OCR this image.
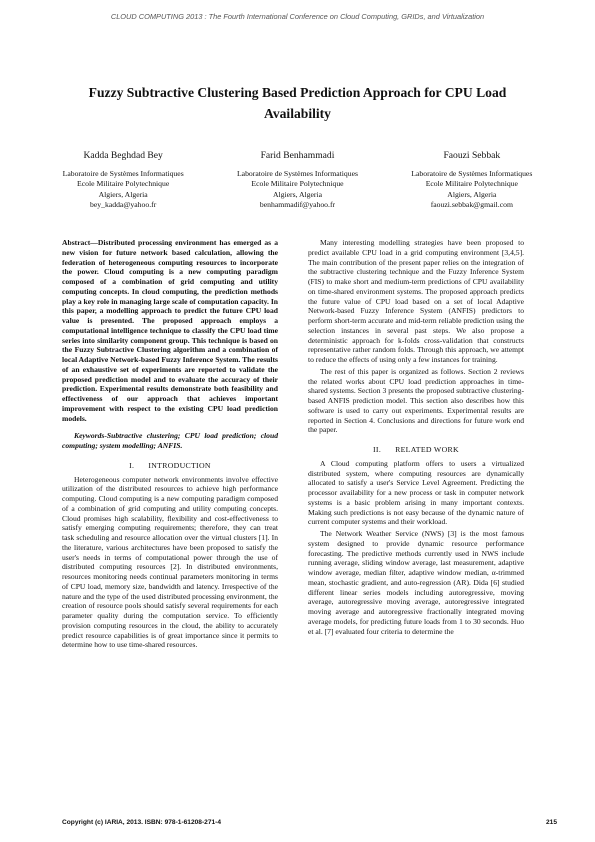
CLOUD COMPUTING 2013 : The Fourth International Conference on Cloud Computing, GRIDs, and Virtualization
Fuzzy Subtractive Clustering Based Prediction Approach for CPU Load Availability
Kadda Beghdad Bey
Laboratoire de Systèmes Informatiques
Ecole Militaire Polytechnique
Algiers, Algeria
bey_kadda@yahoo.fr
Farid Benhammadi
Laboratoire de Systèmes Informatiques
Ecole Militaire Polytechnique
Algiers, Algeria
benhammadif@yahoo.fr
Faouzi Sebbak
Laboratoire de Systèmes Informatiques
Ecole Militaire Polytechnique
Algiers, Algeria
faouzi.sebbak@gmail.com

Abstract—Distributed processing environment has emerged as a new vision for future network based calculation, allowing the federation of heterogeneous computing resources to incorporate the power. Cloud computing is a new computing paradigm composed of a combination of grid computing and utility computing concepts. In cloud computing, the prediction methods play a key role in managing large scale of computation capacity. In this paper, a modelling approach to predict the future CPU load value is presented. The proposed approach employs a computational intelligence technique to classify the CPU load time series into similarity component group. This technique is based on the Fuzzy Subtractive Clustering algorithm and a combination of local Adaptive Network-based Fuzzy Inference System. The results of an exhaustive set of experiments are reported to validate the proposed prediction model and to evaluate the accuracy of their prediction. Experimental results demonstrate both feasibility and effectiveness of our approach that achieves important improvement with respect to the existing CPU load prediction models.

Keywords-Subtractive clustering; CPU load prediction; cloud computing; system modelling; ANFIS.

I. INTRODUCTION

Heterogeneous computer network environments involve effective utilization of the distributed resources to achieve high performance computing. Cloud computing is a new computing paradigm composed of a combination of grid computing and utility computing concepts. Cloud promises high scalability, flexibility and cost-effectiveness to satisfy emerging computing requirements; therefore, they can treat task scheduling and resource allocation over the virtual clusters [1]. In the literature, various architectures have been proposed to satisfy the user's needs in terms of computational power through the use of distributed computing resources [2]. In distributed environments, resources monitoring needs continual parameters monitoring in terms of CPU load, memory size, bandwidth and latency. Irrespective of the nature and the type of the used distributed processing environment, the creation of resource pools should satisfy several requirements for each parameter quality during the computation service. To efficiently provision computing resources in the cloud, the ability to accurately predict resource capabilities is of great importance since it permits to determine how to use time-shared resources.

Many interesting modelling strategies have been proposed to predict available CPU load in a grid computing environment [3,4,5]. The main contribution of the present paper relies on the integration of the subtractive clustering technique and the Fuzzy Inference System (FIS) to make short and medium-term predictions of CPU availability on time-shared environment systems. The proposed approach predicts the future value of CPU load based on a set of local Adaptive Network-based Fuzzy Inference System (ANFIS) predictors to perform short-term accurate and mid-term reliable prediction using the selection instances in several past steps. We also propose a deterministic approach for k-folds cross-validation that constructs representative rather random folds. Through this approach, we attempt to reduce the effects of using only a few instances for training.

The rest of this paper is organized as follows. Section 2 reviews the related works about CPU load prediction approaches in time-shared systems. Section 3 presents the proposed subtractive clustering-based ANFIS prediction model. This section also describes how this software is used to carry out experiments. Experimental results are reported in Section 4. Conclusions and directions for future work end the paper.

II. RELATED WORK

A Cloud computing platform offers to users a virtualized distributed system, where computing resources are dynamically allocated to satisfy a user's Service Level Agreement. Predicting the processor availability for a new process or task in computer network systems is a basic problem arising in many important contexts. Making such predictions is not easy because of the dynamic nature of current computer systems and their workload.

The Network Weather Service (NWS) [3] is the most famous system designed to provide dynamic resource performance forecasting. The predictive methods currently used in NWS include running average, sliding window average, last measurement, adaptive window average, median filter, adaptive window median, α-trimmed mean, stochastic gradient, and auto-regression (AR). Dida [6] studied different linear series models including autoregressive, moving average, autoregressive moving average, autoregressive integrated moving average and autoregressive fractionally integrated moving average models, for predicting future loads from 1 to 30 seconds. Huo et al. [7] evaluated four criteria to determine the

Copyright (c) IARIA, 2013. ISBN: 978-1-61208-271-4	215
